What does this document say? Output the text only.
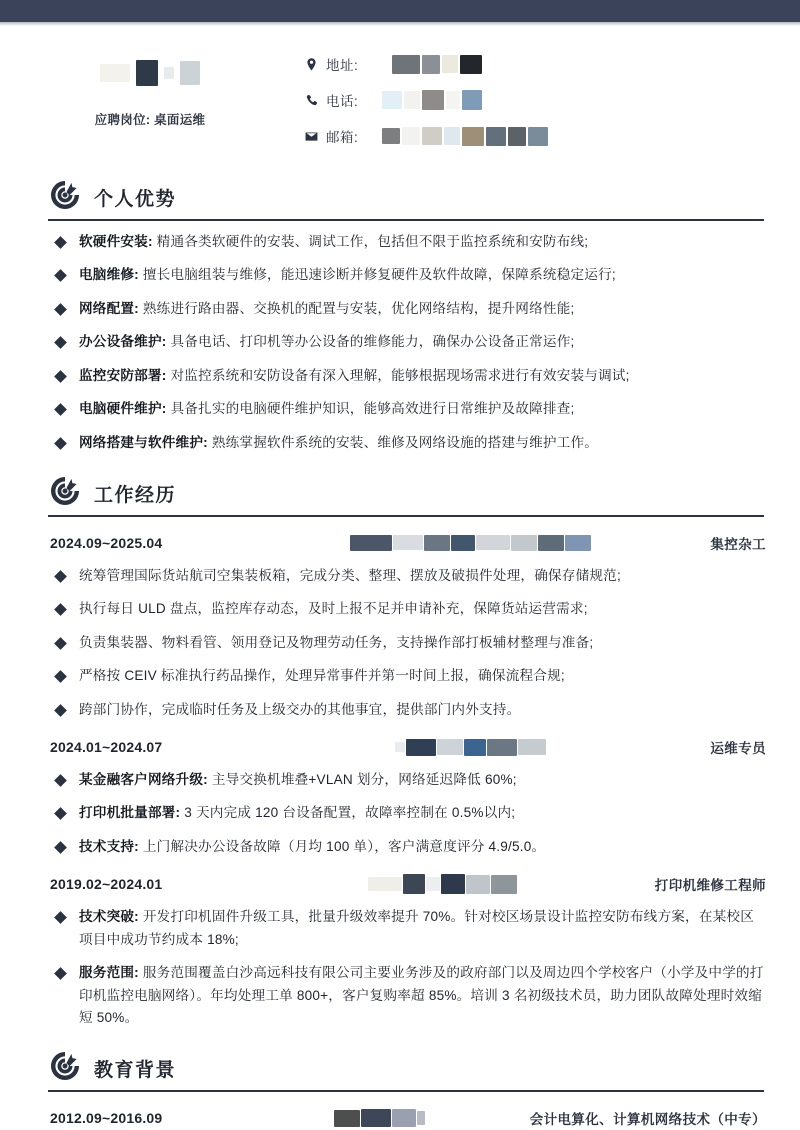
应聘岗位: 桌面运维
地址:
电话:
邮箱:
个人优势
软硬件安装: 精通各类软硬件的安装、调试工作，包括但不限于监控系统和安防布线;
电脑维修: 擅长电脑组装与维修，能迅速诊断并修复硬件及软件故障，保障系统稳定运行;
网络配置: 熟练进行路由器、交换机的配置与安装，优化网络结构，提升网络性能;
办公设备维护: 具备电话、打印机等办公设备的维修能力，确保办公设备正常运作;
监控安防部署: 对监控系统和安防设备有深入理解，能够根据现场需求进行有效安装与调试;
电脑硬件维护: 具备扎实的电脑硬件维护知识，能够高效进行日常维护及故障排查;
网络搭建与软件维护: 熟练掌握软件系统的安装、维修及网络设施的搭建与维护工作。
工作经历
2024.09~2025.04	集控杂工
统筹管理国际货站航司空集装板箱，完成分类、整理、摆放及破损件处理，确保存储规范;
执行每日 ULD 盘点，监控库存动态，及时上报不足并申请补充，保障货站运营需求;
负责集装器、物料看管、领用登记及物理劳动任务，支持操作部打板辅材整理与准备;
严格按 CEIV 标准执行药品操作，处理异常事件并第一时间上报，确保流程合规;
跨部门协作，完成临时任务及上级交办的其他事宜，提供部门内外支持。
2024.01~2024.07	运维专员
某金融客户网络升级: 主导交换机堆叠+VLAN 划分，网络延迟降低 60%;
打印机批量部署: 3 天内完成 120 台设备配置，故障率控制在 0.5%以内;
技术支持: 上门解决办公设备故障（月均 100 单），客户满意度评分 4.9/5.0。
2019.02~2024.01	打印机维修工程师
技术突破: 开发打印机固件升级工具，批量升级效率提升 70%。针对校区场景设计监控安防布线方案，在某校区项目中成功节约成本 18%;
服务范围: 服务范围覆盖白沙高远科技有限公司主要业务涉及的政府部门以及周边四个学校客户（小学及中学的打印机监控电脑网络）。年均处理工单 800+，客户复购率超 85%。培训 3 名初级技术员，助力团队故障处理时效缩短 50%。
教育背景
2012.09~2016.09	会计电算化、计算机网络技术（中专）
